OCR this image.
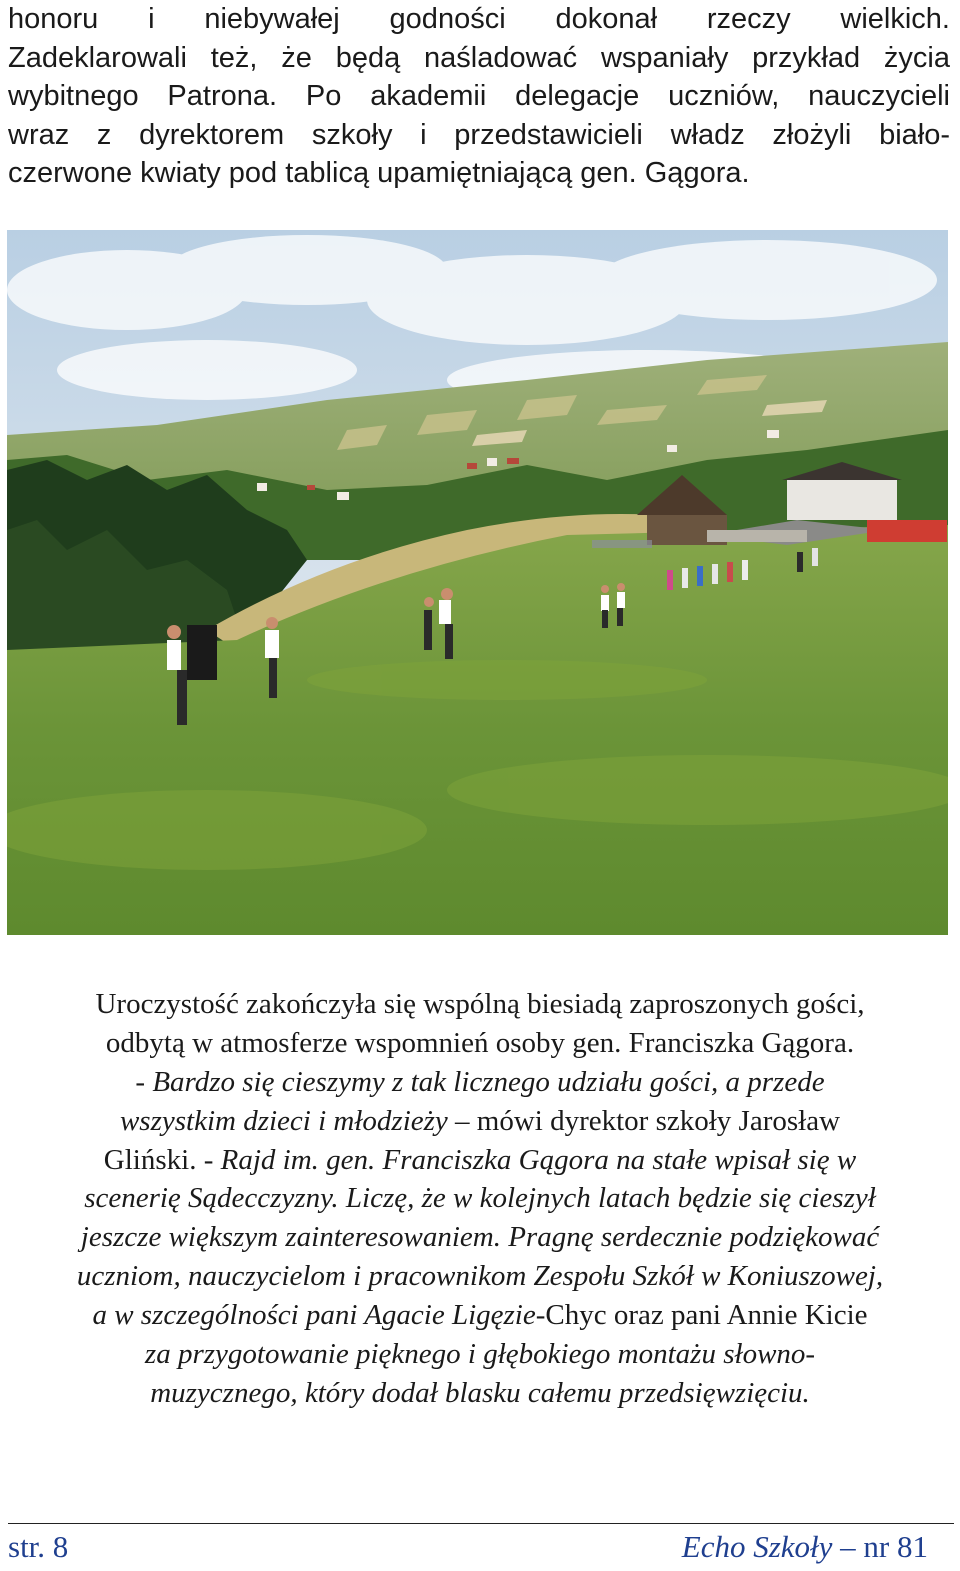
honoru i niebywałej godności dokonał rzeczy wielkich.
Zadeklarowali też, że będą naśladować wspaniały przykład życia
wybitnego Patrona. Po akademii delegacje uczniów, nauczycieli
wraz z dyrektorem szkoły i przedstawicieli władz złożyli biało-
czerwone kwiaty pod tablicą upamiętniającą gen. Gągora.
Uroczystość zakończyła się wspólną biesiadą zaproszonych gości,
odbytą w atmosferze wspomnień osoby gen. Franciszka Gągora.
- Bardzo się cieszymy z tak licznego udziału gości, a przede
wszystkim dzieci i młodzieży – mówi dyrektor szkoły Jarosław
Gliński. - Rajd im. gen. Franciszka Gągora na stałe wpisał się w
scenerię Sądecczyzny. Liczę, że w kolejnych latach będzie się cieszył
jeszcze większym zainteresowaniem. Pragnę serdecznie podziękować
uczniom, nauczycielom i pracownikom Zespołu Szkół w Koniuszowej,
a w szczególności pani Agacie Ligęzie-Chyc oraz pani Annie Kicie
za przygotowanie pięknego i głębokiego montażu słowno-
muzycznego, który dodał blasku całemu przedsięwzięciu.
str. 8	Echo Szkoły – nr 81
